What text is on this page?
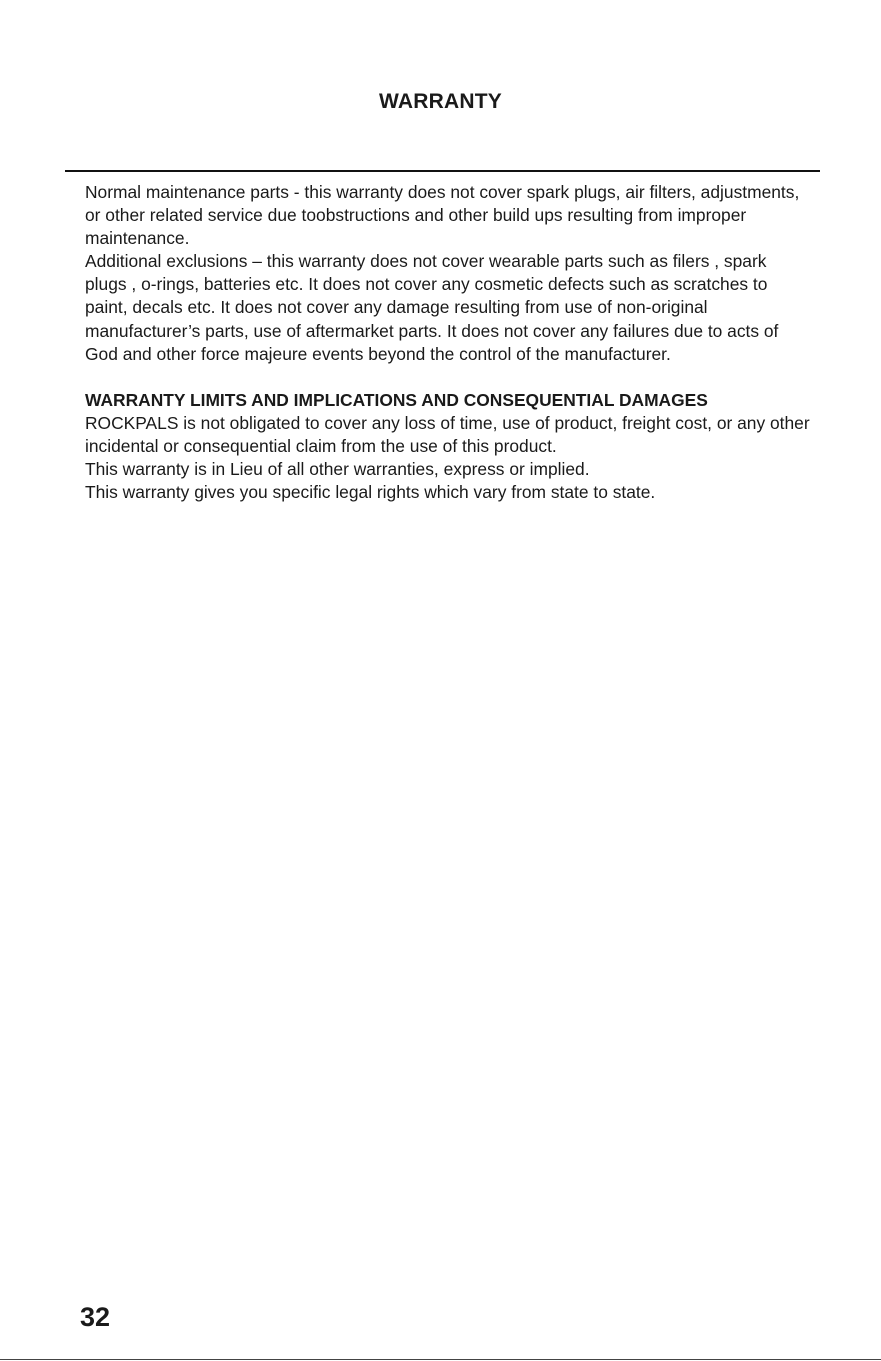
WARRANTY

Normal maintenance parts - this warranty does not cover spark plugs, air filters, adjustments, or other related service due toobstructions and other build ups resulting from improper maintenance.

Additional exclusions – this warranty does not cover wearable parts such as filers , spark plugs , o-rings, batteries etc. It does not cover any cosmetic defects such as scratches to paint, decals etc. It does not cover any damage resulting from use of non-original manufacturer’s parts, use of aftermarket parts. It does not cover any failures due to acts of God and other force majeure events beyond the control of the manufacturer.

WARRANTY LIMITS AND IMPLICATIONS AND CONSEQUENTIAL DAMAGES

ROCKPALS is not obligated to cover any loss of time, use of product, freight cost, or any other incidental or consequential claim from the use of this product.

This warranty is in Lieu of all other warranties, express or implied.

This warranty gives you specific legal rights which vary from state to state.

32
